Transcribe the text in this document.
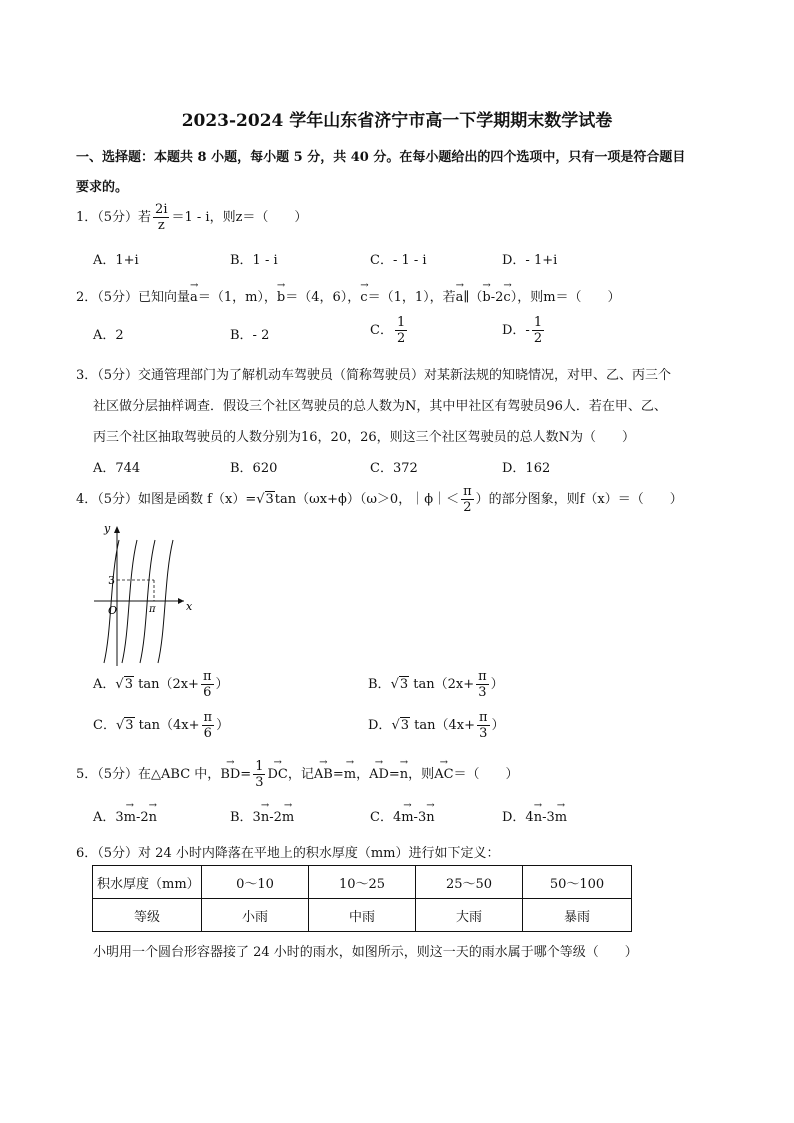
2023-2024 学年山东省济宁市高一下学期期末数学试卷
一、选择题：本题共 8 小题，每小题 5 分，共 40 分。在每小题给出的四个选项中，只有一项是符合题目
要求的。
1．（5分）若 $\frac{2i}{z} =1 - i$，则z＝（　　）
A．1+i	B．1 - i	C．- 1 - i	D．- 1+i
2．（5分）已知向量→ a＝（1，m），→ b＝（4，6），→ c＝（1，1），若→ a∥（→ b-2→ c），则m＝（　　）
A．2	B．- 2	C． $\frac{1}{2}$	D．- $\frac{1}{2}$
3．（5分）交通管理部门为了解机动车驾驶员（简称驾驶员）对某新法规的知晓情况，对甲、乙、丙三个
社区做分层抽样调查．假设三个社区驾驶员的总人数为N，其中甲社区有驾驶员96人．若在甲、乙、
丙三个社区抽取驾驶员的人数分别为16，20，26，则这三个社区驾驶员的总人数N为（　　）
A．744	B．620	C．372	D．162
4．（5分）如图是函数 f（x）=√3tan（ωx+ϕ）（ω＞0，｜ϕ｜＜ $\frac{\pi}{2}$ ）的部分图象，则f（x）＝（　　）
y
x
O	π
3
A．√3 $\tan(2x+ \frac{\pi}{6}$ ）	B．√3 $\tan(2x+ \frac{\pi}{3}$ ）
C．√3 $\tan(4x+ \frac{\pi}{6}$ ）	D．√3 $\tan(4x+ \frac{\pi}{3}$ ）
5．（5分）在△ABC 中，→ $BD= \frac{1}{3}$ → DC，记→ AB=→ m，→ AD=→ n，则→ AC＝（　　）
A．3→ m-2→ n	B．3→ n-2→ m	C．4→ m-3→ n	D．4→ n-3→ m
6．（5分）对 24 小时内降落在平地上的积水厚度（mm）进行如下定义：
积水厚度（mm）	0～10	10～25	25～50	50～100
等级	小雨	中雨	大雨	暴雨
小明用一个圆台形容器接了 24 小时的雨水，如图所示，则这一天的雨水属于哪个等级（　　）
